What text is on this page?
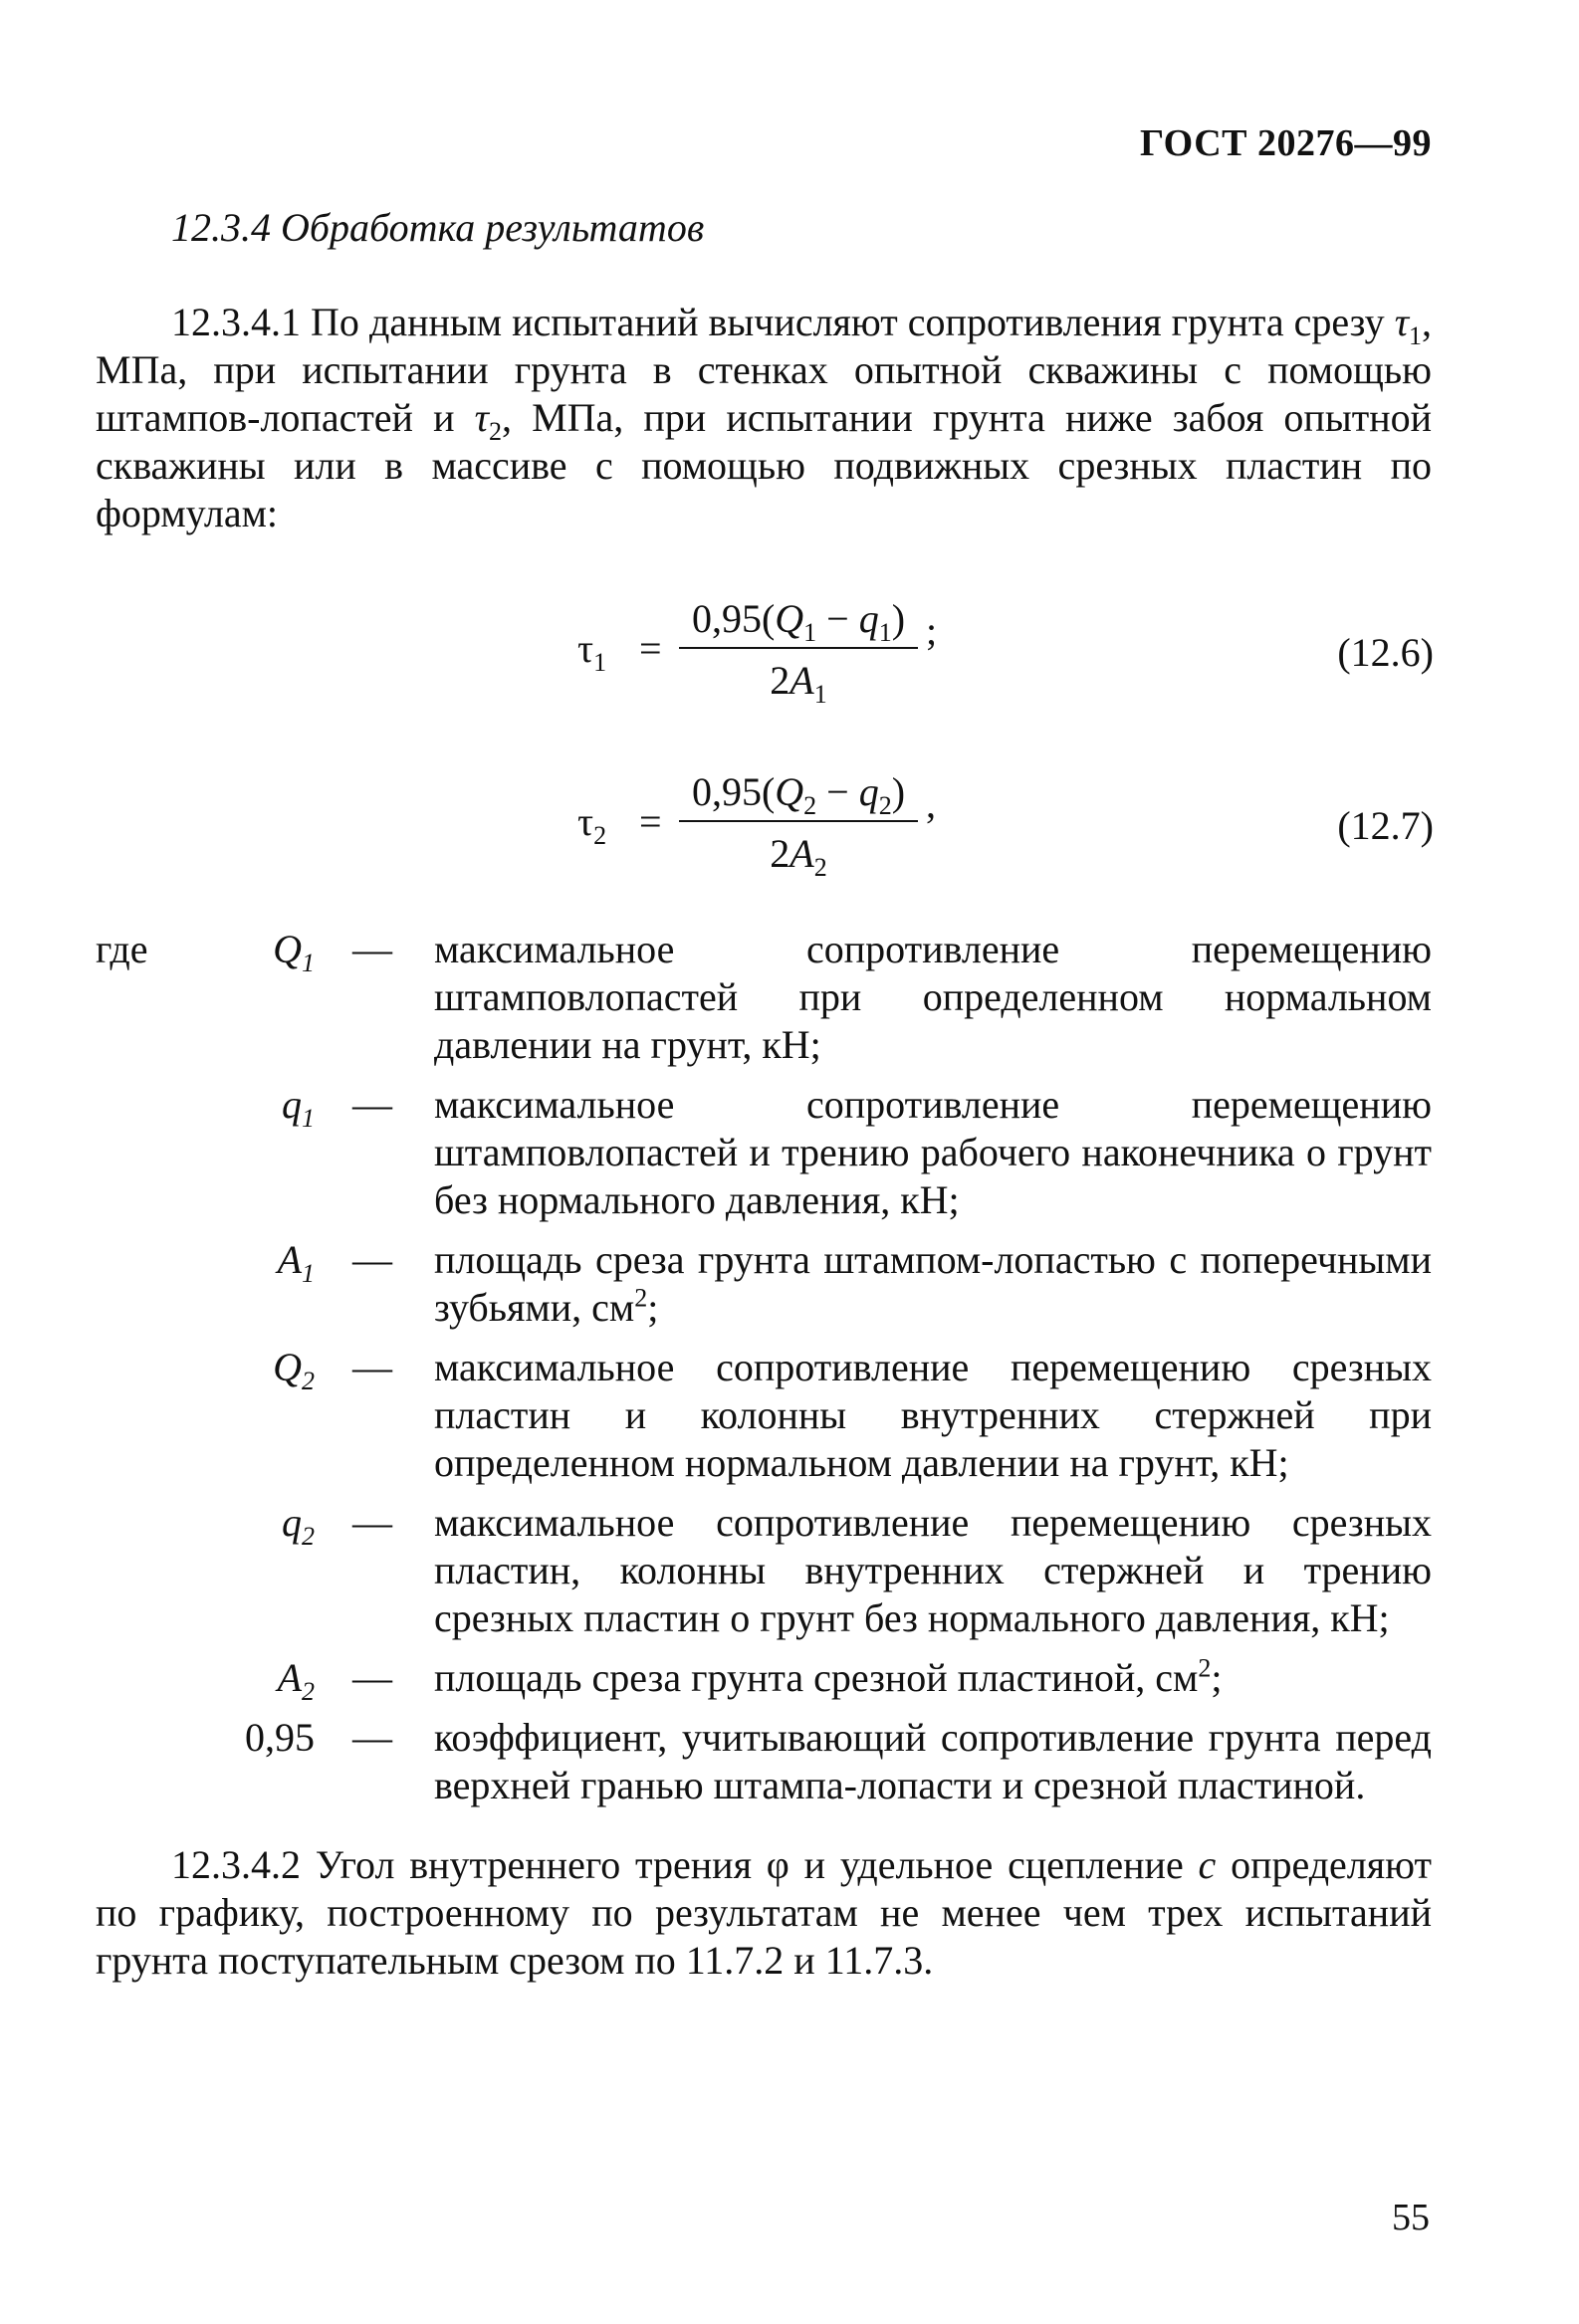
ГОСТ 20276—99
12.3.4 Обработка результатов
12.3.4.1 По данным испытаний вычисляют сопротивления грунта срезу $\tau_1$, МПа, при испытании грунта в стенках опытной скважины с помощью штампов-лопастей и $\tau_2$, МПа, при испытании грунта ниже забоя опытной скважины или в массиве с помощью подвижных срезных пластин по формулам:
$\tau_1$ =
$0,95(Q_1 - q_1)$
$2A_1$
;	(12.6)
$\tau_2$ =
$0,95(Q_2 - q_2)$
$2A_2$
,	(12.7)
где	$Q_1$ — максимальное сопротивление перемещению штамповлопастей при определенном нормальном давлении на грунт, кН;
$q_1$ — максимальное сопротивление перемещению штамповлопастей и трению рабочего наконечника о грунт без нормального давления, кН;
$A_1$ — площадь среза грунта штампом-лопастью с поперечными зубьями, $см^2$;
$Q_2$ — максимальное сопротивление перемещению срезных пластин и колонны внутренних стержней при определенном нормальном давлении на грунт, кН;
$q_2$ — максимальное сопротивление перемещению срезных пластин, колонны внутренних стержней и трению срезных пластин о грунт без нормального давления, кН;
$A_2$ — площадь среза грунта срезной пластиной, $см^2$;
0,95 — коэффициент, учитывающий сопротивление грунта перед верхней гранью штампа-лопасти и срезной пластиной.
12.3.4.2 Угол внутреннего трения φ и удельное сцепление c определяют по графику, построенному по результатам не менее чем трех испытаний грунта поступательным срезом по 11.7.2 и 11.7.3.
55
